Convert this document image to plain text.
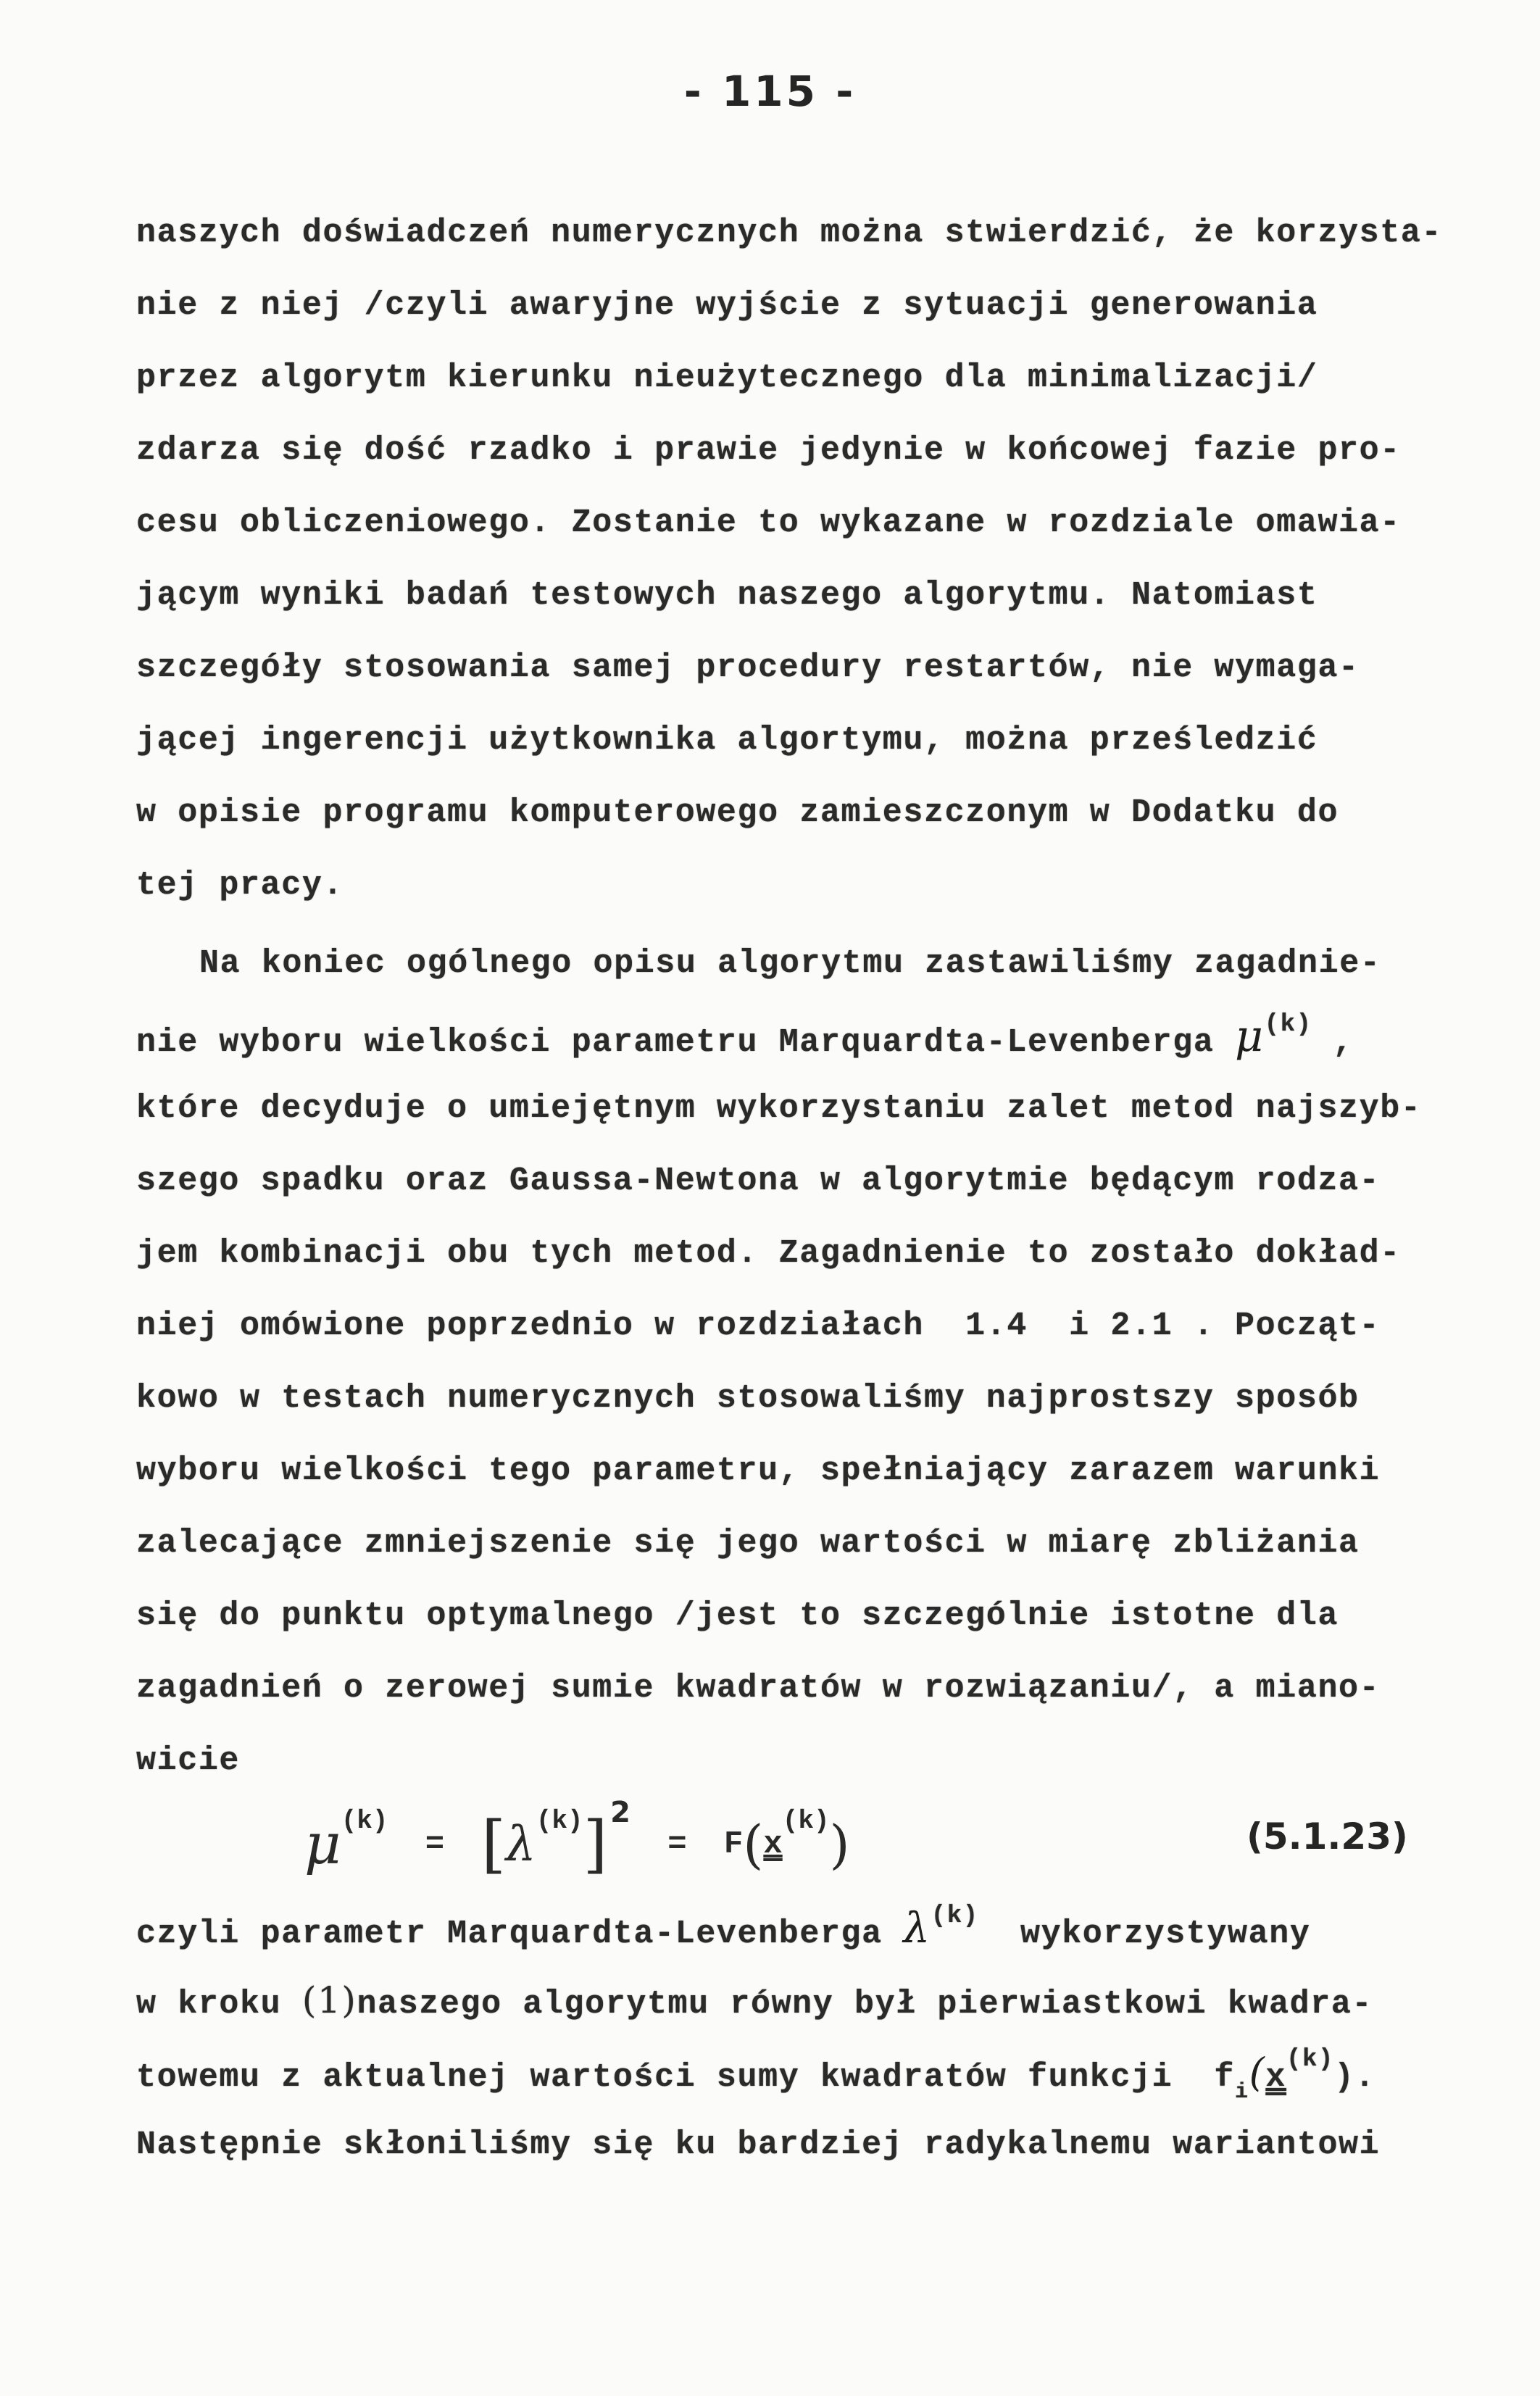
- 115 -
naszych doświadczeń numerycznych można stwierdzić, że korzysta-
nie z niej /czyli awaryjne wyjście z sytuacji generowania
przez algorytm kierunku nieużytecznego dla minimalizacji/
zdarza się dość rzadko i prawie jedynie w końcowej fazie pro-
cesu obliczeniowego. Zostanie to wykazane w rozdziale omawia-
jącym wyniki badań testowych naszego algorytmu. Natomiast
szczegóły stosowania samej procedury restartów, nie wymaga-
jącej ingerencji użytkownika algortymu, można prześledzić
w opisie programu komputerowego zamieszczonym w Dodatku do
tej pracy.
Na koniec ogólnego opisu algorytmu zastawiliśmy zagadnie-
nie wyboru wielkości parametru Marquardta-Levenberga $\mu^{(k)}$ ,
które decyduje o umiejętnym wykorzystaniu zalet metod najszyb-
szego spadku oraz Gaussa-Newtona w algorytmie będącym rodza-
jem kombinacji obu tych metod. Zagadnienie to zostało dokład-
niej omówione poprzednio w rozdziałach  1.4  i 2.1 . Począt-
kowo w testach numerycznych stosowaliśmy najprostszy sposób
wyboru wielkości tego parametru, spełniający zarazem warunki
zalecające zmniejszenie się jego wartości w miarę zbliżania
się do punktu optymalnego /jest to szczególnie istotne dla
zagadnień o zerowej sumie kwadratów w rozwiązaniu/, a miano-
wicie
μ(k) = [λ(k)] 2 = F(x(k))	(5.1.23)
czyli parametr Marquardta-Levenberga $\lambda^{(k)}$  wykorzystywany
w kroku (1)naszego algorytmu równy był pierwiastkowi kwadra-
towemu z aktualnej wartości sumy kwadratów funkcji  $f_i(x^{(k)})$.
Następnie skłoniliśmy się ku bardziej radykalnemu wariantowi
